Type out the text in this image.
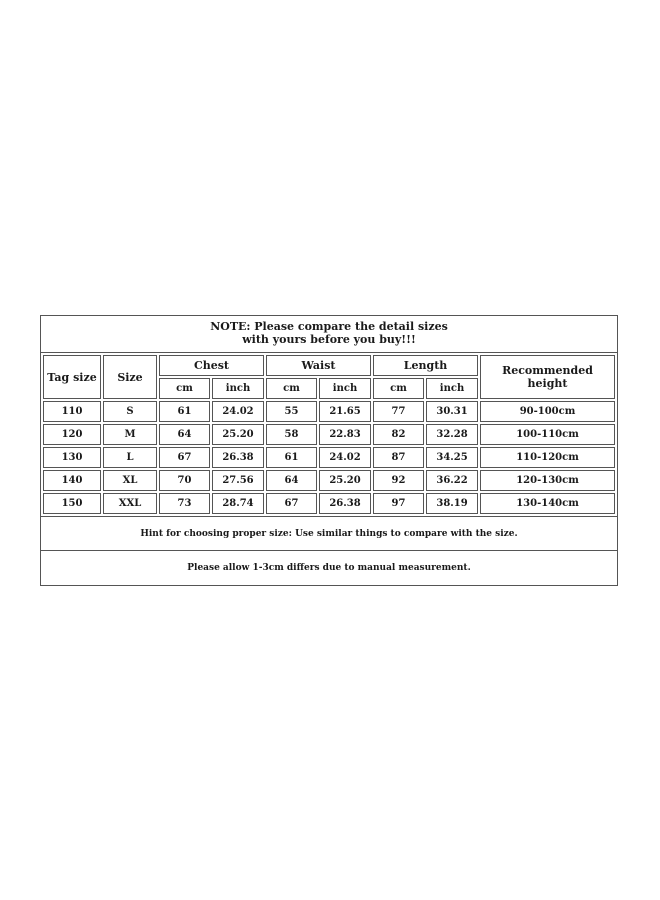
NOTE: Please compare the detail sizes
with yours before you buy!!!
Tag size	Size	Chest		Waist		Length		Recommended height
		cm	inch	cm	inch	cm	inch	
110	S	61	24.02	55	21.65	77	30.31	90-100cm
120	M	64	25.20	58	22.83	82	32.28	100-110cm
130	L	67	26.38	61	24.02	87	34.25	110-120cm
140	XL	70	27.56	64	25.20	92	36.22	120-130cm
150	XXL	73	28.74	67	26.38	97	38.19	130-140cm
Hint for choosing proper size: Use similar things to compare with the size.
Please allow 1-3cm differs due to manual measurement.
